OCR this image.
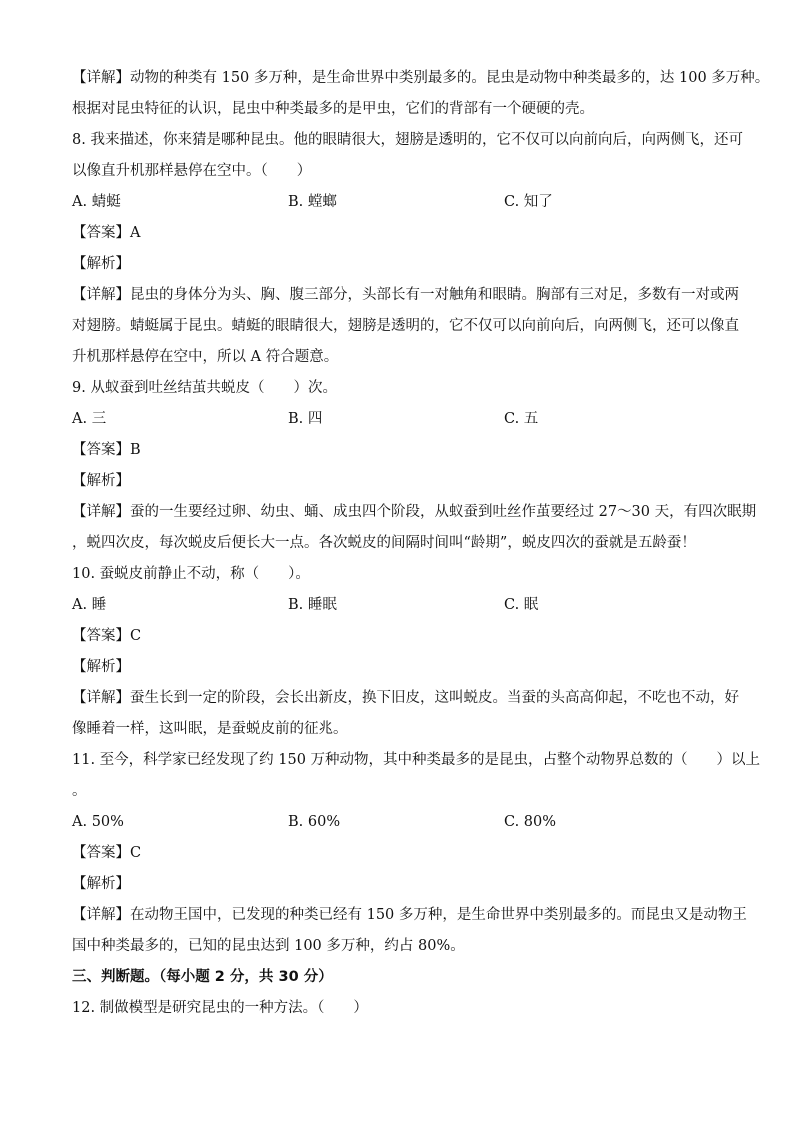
【详解】动物的种类有 150 多万种，是生命世界中类别最多的。昆虫是动物中种类最多的，达 100 多万种。
根据对昆虫特征的认识，昆虫中种类最多的是甲虫，它们的背部有一个硬硬的壳。
8. 我来描述，你来猜是哪种昆虫。他的眼睛很大，翅膀是透明的，它不仅可以向前向后，向两侧飞，还可
以像直升机那样悬停在空中。（　　）
A. 蜻蜓	B. 螳螂	C. 知了
【答案】A
【解析】
【详解】昆虫的身体分为头、胸、腹三部分，头部长有一对触角和眼睛。胸部有三对足，多数有一对或两
对翅膀。蜻蜓属于昆虫。蜻蜓的眼睛很大，翅膀是透明的，它不仅可以向前向后，向两侧飞，还可以像直
升机那样悬停在空中，所以 A 符合题意。
9. 从蚁蚕到吐丝结茧共蜕皮（　　）次。
A. 三	B. 四	C. 五
【答案】B
【解析】
【详解】蚕的一生要经过卵、幼虫、蛹、成虫四个阶段，从蚁蚕到吐丝作茧要经过 27～30 天，有四次眠期
，蜕四次皮，每次蜕皮后便长大一点。各次蜕皮的间隔时间叫“龄期”，蜕皮四次的蚕就是五龄蚕！
10. 蚕蜕皮前静止不动，称（　　）。
A. 睡	B. 睡眠	C. 眠
【答案】C
【解析】
【详解】蚕生长到一定的阶段，会长出新皮，换下旧皮，这叫蜕皮。当蚕的头高高仰起，不吃也不动，好
像睡着一样，这叫眠，是蚕蜕皮前的征兆。
11. 至今，科学家已经发现了约 150 万种动物，其中种类最多的是昆虫，占整个动物界总数的（　　）以上
。
A. 50%	B. 60%	C. 80%
【答案】C
【解析】
【详解】在动物王国中，已发现的种类已经有 150 多万种，是生命世界中类别最多的。而昆虫又是动物王
国中种类最多的，已知的昆虫达到 100 多万种，约占 80%。
三、判断题。（每小题 2 分，共 30 分）
12. 制做模型是研究昆虫的一种方法。（　　）
